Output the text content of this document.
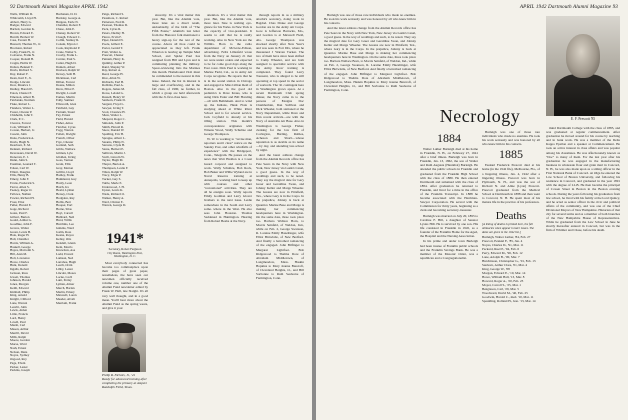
92 Dartmouth Alumni Magazine APRIL 1942
Wells, William D.
Whitcomb, Lloyd H.
Abbott, Harry G.
Badger, Edward
Bartlett, Gordon K.
Brown, Edward E.
Burrill, Herbert W.
Case, Everett H.
Buswell, Thomas W., Jr.
Brockton, Robert
Colby, Frank H., Jr.
Converse, Frank N.
Cooper, Donald B.
Cragin, Hollis W.
Dalton, Bennett T.
Davis, Richard S.
Day, Robert F.
Dean, Karl F., Jr.
Dodge, Lincoln
Dow, Maurice J.
Dudley, Harold E.
Eaton, Chester P.
Emerson, Albert B.
Fairbanks, Norman
Fiske, Robert L.
Flanders, Walter L.
Foster, Chester P.
Chisholm, John T.
Clark, P. C.
Cleaves, Forrest
Cole, William F.
Cowan, Herbert, Jr.
Cuozzi, John
Dana, Frederick A.
Davis, Hugh N.
Dearborn, E. M.
Dennett, Richard
Devereaux, David W.
Donovan, E. J.
Dunn, John S.
Eastman, Leonard T.
Edson, Carl W.
Elliott, Douglas
Ellis, Henry B.
Emery, John F.
Evans, Frederick S.
Farrar, Allen S.
Feeney, Roger O.
Fellows, Nathan
Fowler, Richard H.
Frost, Eliot
Fuller, Harold E.
Gage, Richard
Gates, Paul F.
Gilbert, Burton
Gould, Arthur G.
Goodhue, John F.
Graves, Walter
Green, Lewis B.
Hale, Roger H.
Hall, Chandler
Harris, William A.
Haskell, George
Hayes, Malcolm S.
Hill, Alan M.
Holt, Lawrence
Howe, Charles
Hunt, Donald
Ingalls, Robert
Jackson, Ross
Jewett, Thomas
Johnson, Harold
Jones, Morgan
Keith, Edward
Kimball, Philip
King, Arnold
Knight, Clifford
Lane, Warren
Leavitt, John
Lewis, Alden
Little, Francis
Lord, Henry
Lovell, Paul
Marsh, Carl
Mason, Arthur
Merrill, David
Mills, Ralph
Moore, Gordon
Morse, Ward
Nash, Ernest
Nelson, Dana
Noyes, Sydney
Osgood, Roy
Page, Elwin
Parker, Lester
Perkins, Joseph
Buchanan, D. D.
Buckley, George A.
Burgess, Earle N.
Chandler, Robert F.
Chase, John E.
Cheney, Robert W.
Clough, Edward C.
Coffin, Stanley R.
Conant, Myron J.
Cook, Raymond P.
Crane, Walter S.
Crosby, Frank L.
Currier, Paul S.
Cutler, Hugh D.
Daniels, Albert
Davison, Ralph W.
Dewey, Seth H.
Dickinson, Carl
Dillon, Forrest
Doane, Milton
Drew, Elliot P.
Dwight, Lowell
Eames, Martin
Eddy, Sumner
Ellsworth, Glen
Fairfield, Guy
Farnum, Stuart
Fay, Ernest
Field, Harold
Fisher, Amos
Fletcher, Cyrus
Fogg, Warren
Follett, Dwight
French, Oliver
Frye, Chester
Garland, Seth
Gibbs, Wallace
Gilman, Lyle
Glidden, Irving
Goss, Vernon
Grant, Ellis
Gray, Merton
Griffin, Lloyd
Hadley, Frank
Hammond, Guy
Hardy, Leon
Hatch, Ira
Heald, Lyman
Hersey, Clark
Hodgdon, Ray
Hollis, Bert
Hooper, Earl
Horne, Silas
Hoyt, Carroll
Hubbard, Neil
Hurd, Willis
Hutchins, Lee
Jenkins, Ward
Joslin, Ross
Keene, Royce
Kelley, Otis
Kendall, Glenn
Kent, Morris
Knowlton, Asa
Ladd, Everett
Lamson, Ned
Larrabee, Hugh
Leach, Orrin
Libby, Lester
Lincoln, Moses
Locke, Cecil
Lunt, Perley
Lyman, Abner
March, Harlan
Martin, Emery
Maxwell, Loren
Meader, Alvah
Merriam, Frank
Paige, Richard S.
Passmore, C. Robert
Patterson, Fred R.
Pearson, Thomas D.
Peck, Cyrus R.
Peters, Dudley H.
Pierce, Ervin F.
Piper, Donald N.
Poole, Gilbert E.
Porter, Gerald T.
Pratt, Walter A.
Prescott, Chester
Putnam, Harry K.
Quimby, Arthur P.
Rand, Shepley W.
Ray, Robert A.
Reed, George H.
Rice, Allan W.
Richards, Earl B.
Robbins, Paul A.
Rogers, James M.
Rowe, Leland G.
Russell, Henry W.
Sanborn, Frank D.
Sargent, Floyd L.
Sawyer, Irving T.
Scott, Clarence H.
Shaw, Walter L.
Shepard, Roger C.
Simonds, John P.
Smith, Harold R.
Snow, Donald W.
Spalding, Eric B.
Sprague, Albert L.
Stearns, Philip N.
Stevens, Clyde H.
Stone, Herbert E.
Sullivan, Martin J.
Swift, Lincoln W.
Taylor, Hugh M.
Thayer, Burton A.
Thompson, Leslie F.
Tilton, Ralph W.
Tracy, Edgar P.
Tucker, Guy S.
Tuttle, Merle E.
Underwood, J. H.
Upton, Lewis K.
Wade, Richard O.
Walker, Henry A.
Ward, Clinton E.
Warren, George D.
1941*
Secretary, Robert Ferguson
City Room, Washington Post, Washington, D. C.

Most everybody connected has become too commonplace upon their pages of great paper, nonetheless, the have seen our newsmen officially received volume one, number one of the Alumni Fund newsletter edited by Frank W. Hall, late Slaight. It's all very well thought, and in a good mean. You'll hear more about the Alumni Fund as the spring wears, and give it your

Philip R. Nichols, Jr., '41
Ready for advanced training after completing his primary at Ampere Randolph Field, Texas.

sincerity. It's a vital matter this year. But, like the Alumni vote, more later. As a direct result, undoubtedly, of the birth of "The Fifth Estate," Alumni's last letter from the Hanover folk mentioned a heavy sign-up for the rest of the course. Above all thou could be appreciated as they left. Frank Wharton is leaving up Temple Med School, and Spider Paul has resigned from Hill and Lyon and is commuting planning the military. Space-reviewing lists the Marines this month. Homebound 1941 must be commended to the nearest in this issue. Indeed, the list in interest is large and overflowing, and in the fall class, of 1990, no further, in which a group are held afterwards with the Jr. first-class here.

attention. It's a vital matter this year. But, like the Alumni vote, more later. Sine is nothing eye-glance for his Yorks. in New York is the capacity of vice-president. It seems to add that he is really working. Also in New York are the Willitts. Born to the radio department of McGraw-Edison, advertising. Felix Lillesfeld wrote from the Navy on January 21 that we were under orders and expected to be for come good days along the East coast. Dick Paul is working in Marine Field, Cal., as in Army Air Corps recognize. He reports that he is in the sound station in Chicago and engaged to Miss Lillian Reid of Boston. Also in the good old pediatrics is Dave Kraus, who is using Dick Euler and Bill Hotsling—all with Bethlehem. And to wind up the Indians, Hank Fiala is studying ahead at White River School and is for several service. Jack Coyfield is already at his tilling station. This month's correspondence originates with Winans Wood, Wally Schultze and George Thompson.

W. W. is working to "revise man, reporters aren't clear" notice on the Sunday Post, and other windfalls of experience" with the Bridgeport, Conn., Telegram. He passes on the news that Watt Haddon is a Coast Guard corporal and assigned to work. Wally Schultze, Bob Rock, Bob Baker and Willie Wyland are in Naval Reserve training at Annapolis, working hard to keep up with courses and other "recreational" activities. They are all be ensigns soon. Wally reports Emily Godman and Larry Glover brothers to the next issue. Leslie somewhere in the South and Larry some. where in the West. He also sees John Houston. Thomas Saddened in Huntington. Hearing from Robert Beebe at the Navy.

through reports in as a military attaché's secretary, doing work in Bagdad. Chas Drake and George Gordon are in the Army Air Corps. Gore is Jefferson Barracks, Mo., and Gordon is at Maxwell Field, Ala. George Thompson was shocked shortly after New Year's and was seen in Fort Dix, where he threatened J Warren Tucker. The two of them have since been shifted to Camp Wheeler, and are both assigned to specialist service with the Army. Ross' training is completed. They found Larry Toussant, who is alleged to be still operating at top speed in the sector of warlords. The '41 contingent here in Washington grows apace. At a recent Dartmouth Club spring dinner, the Navy came in to the persons of Ensigns Doc Chamberlain, Dan Sullivan and Dick Wheeler, both stationed at the Navy Department, while Dave and Dan recent arrivals—are with the Navy of Australia Air Base. Also in Washington is George Fisher, clerking for the law firm of Covington, Burling, Rublee, Acheson and Shorb—whose reputation is as sizable as its name—by day, and attending law-school by night.

And the latest address change from the Alumni Records office has Pete Sears in the Navy with New York, New Jersey via Lasik's Canal, a good guess. In the way of weddings and such, to be noted. They say the magical date for Gary Greer and Geraldine Swan, and Johnny Keller and Marge Wheeler. The Greens are now in Pittsfield, Tex., where Gary is in the Corps. In the prejudice, Johnny is back at Quantico Marine Base and Marge is making her commencing headquarters here in Washington. On the same date, three took place too. Barbara Wallace Born, to Morris Seinfeld, of Weldon, Ind., while on Feb. 2, George Swanson, R. Laraine Emily Hazeltinger, wife Elliot Birtwistle, of New Bedford. And finally a betrothed romancing of the engaged. John Bilfinger to Margaret Lightfoot. Bob Ridgewood to Thelma Dore of Abraham Middletown, of Longmeadow, Mass. Haskin Hopkins to Mary Jeanne Bancroft, of Cleveland Heights, O., and Bill Sorbonne to Ruth Seaborne of Farmington, Conn.

APRIL 1942 Dartmouth Alumni Magazine 93

Burleigh was one of those rare individuals who made no enemies. He took his work seriously and was honored by all who knew him in his contacts.

And the latest address change from the Alumni Records office has Pete Sears in the Navy with New York, New Jersey via Lasik's Canal, a good guess. In the way of weddings and such, to be noted. They say the magical date for Gary Greer and Geraldine Swan, and Johnny Keller and Marge Wheeler. The Greens are now in Pittsfield, Tex., where Gary is in the Corps. In the prejudice, Johnny is back at Quantico Marine Base and Marge is making her commencing headquarters here in Washington. On the same date, three took place too. Barbara Wallace Born, to Morris Seinfeld, of Weldon, Ind., while on Feb. 2, George Swanson, R. Laraine Emily Hazeltinger, wife Elliot Birtwistle, of New Bedford. And finally a betrothed romancing of the engaged. John Bilfinger to Margaret Lightfoot. Bob Ridgewood to Thelma Dore of Abraham Middletown, of Longmeadow, Mass. Haskin Hopkins to Mary Jeanne Bancroft, of Cleveland Heights, O., and Bill Sorbonne to Ruth Seaborne of Farmington, Conn.

Necrology
1884

Walter Luther Burleigh died at his home in Franklin, N. H., on February 27, 1941 after a brief illness. Burleigh was born in Franklin, Jan. 13, 1862, the son of Walter and Ruth Augusta (Hannibal) Burleigh. He attended the public schools in Franklin and graduated from the Franklin High School with the class of 1880. He then entered Dartmouth and remained with the class of 1884. After graduation he returned to Franklin, and lived for a time in the office of the Franklin Transcript. In 1888 he became associated with the Harriman-Sawyer Corporation. He served with the Commission for thirty years, beginning as a clerk and becoming secretary-treasurer.

Burleigh was married on July 20, 1893 to Caroline F. Hill, a daughter of Senator Lysias Hill. He is survived by one son. His life consisted in Franklin in 1945, as a founder of the Franklin Home for the Aged, the Hospital and the Nursing Association.

In his prime and under town Burleigh had been trustee of Franklin public schools and the Franklin Savings Bank. He was a member of the Masonic Order, was a republican and a Congregationalist.

Burleigh was one of those rare individuals who made no enemies. He took his work seriously and was honored by all who knew him in his contacts.

1885

Ezekiel Frederick Prescott died at his home (in the 1942 file), Melbourne, Fla., of a lingering illness, Jan. 4, 1942 after a lingering illness. Prescott was born in Plymouth, N. H., and was the son of Richard N. and Aline (Lyon) Prescott. Prescott graduated from the Medical School at Dartmouth in 1888 and then went to Concord, N. H. He spent most of his mature life in the practice of his profession.

Deaths
[A listing of deaths is printed here, the full obituaries when appear in later issues. The dates are given in the 1942 list.]
Burleigh, Walter Luther, '84, Feb. 27
Prescott, Ezekiel F., '85, Jan. 4
Noyes, Charles D., '91, Mar. 11
Packard, Ruel P., '94, Feb. 6
Perry, Edward M., '96, Feb. 12
Lane, Adolph B., '00, Mar. 7
Hutchinson, Christopher G., '01, Feb. 13
Sanborn, Arthur Clare, '01, Mar. 4
King, George W., '08
Morgan, Edward E., '10, Mar. 14
Howe, William Hall, '13, Mar. 8
Howard, Roger A., '20, Feb. 23
Moyer, Carroll S., '25, Mar. 1
Bengtsson, Carl, '29, Mar. 5
Woodward, David M., '40, Feb. 25
Goodwin, Harold C., med. '10, Mar. 11
Spaulding, Rolland H., hon. '13, Mar. 14
E. F. Prescott '85

mind Dartmouth College with the class of 1885, and was graduated at regular commencement. After graduation he moved around for his course by teaching and in bank work. He was a member of the Delta Kappa Epsilon and a speaker at Commencement. He took an active interest in class affairs and was popular among his classmates. He was affectionately known as "Doc" to many of them. For the last year after his graduation he was engaged in the manufacturing business in wholesale flour and grain mart in Concord, N. H., he was also made upon as a sitting officer in the First National Bank of Concord. At Olga he entered the Law School of Boston University, and following his residence in Concord, and graduated in the year 1891 with the degree of LL.B. He then became the principal of Cowen Street in Boston in the Boston evening schools. During the years following his graduation from law school, he lived with his family at the local Quincy, and he acted as senior officer in the civic and political affairs of the community, and was one of the Chief Divisional Mayors of New Hampshire. Historian of that city for several terms and as a member of both branches of the New Hampshire House of Representatives. While he graduated from the Law School in June he shortly thereafter entered in Concord, but was in the firm of Whittier and Chase, before his death.
